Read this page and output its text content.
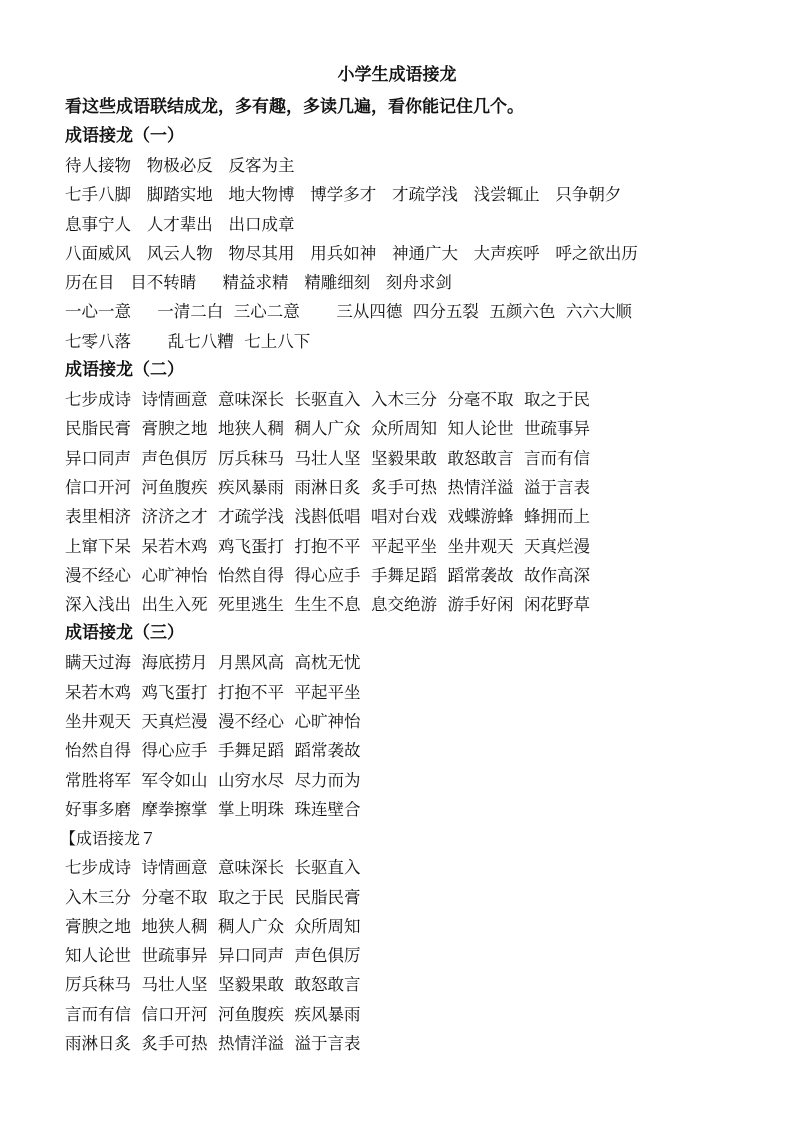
小学生成语接龙
看这些成语联结成龙，多有趣，多读几遍，看你能记住几个。
成语接龙（一）
待人接物   物极必反   反客为主
七手八脚   脚踏实地   地大物博   博学多才   才疏学浅   浅尝辄止   只争朝夕
息事宁人   人才辈出   出口成章
八面威风   风云人物   物尽其用   用兵如神   神通广大   大声疾呼   呼之欲出历
历在目   目不转睛     精益求精   精雕细刻   刻舟求剑
一心一意     一清二白  三心二意       三从四德  四分五裂  五颜六色  六六大顺
七零八落       乱七八糟  七上八下
成语接龙（二）
七步成诗  诗情画意  意味深长  长驱直入  入木三分  分毫不取  取之于民
民脂民膏  膏腴之地  地狭人稠  稠人广众  众所周知  知人论世  世疏事异
异口同声  声色俱厉  厉兵秣马  马壮人坚  坚毅果敢  敢怒敢言  言而有信
信口开河  河鱼腹疾  疾风暴雨  雨淋日炙  炙手可热  热情洋溢  溢于言表
表里相济  济济之才  才疏学浅  浅斟低唱  唱对台戏  戏蝶游蜂  蜂拥而上
上窜下呆  呆若木鸡  鸡飞蛋打  打抱不平  平起平坐  坐井观天  天真烂漫
漫不经心  心旷神怡  怡然自得  得心应手  手舞足蹈  蹈常袭故  故作高深
深入浅出  出生入死  死里逃生  生生不息  息交绝游  游手好闲  闲花野草
成语接龙（三）
瞒天过海  海底捞月  月黑风高  高枕无忧
呆若木鸡  鸡飞蛋打  打抱不平  平起平坐
坐井观天  天真烂漫  漫不经心  心旷神怡
怡然自得  得心应手  手舞足蹈  蹈常袭故
常胜将军  军令如山  山穷水尽  尽力而为
好事多磨  摩拳擦掌  掌上明珠  珠连壁合
【成语接龙７
七步成诗  诗情画意  意味深长  长驱直入
入木三分  分毫不取  取之于民  民脂民膏
膏腴之地  地狭人稠  稠人广众  众所周知
知人论世  世疏事异  异口同声  声色俱厉
厉兵秣马  马壮人坚  坚毅果敢  敢怒敢言
言而有信  信口开河  河鱼腹疾  疾风暴雨
雨淋日炙  炙手可热  热情洋溢  溢于言表
